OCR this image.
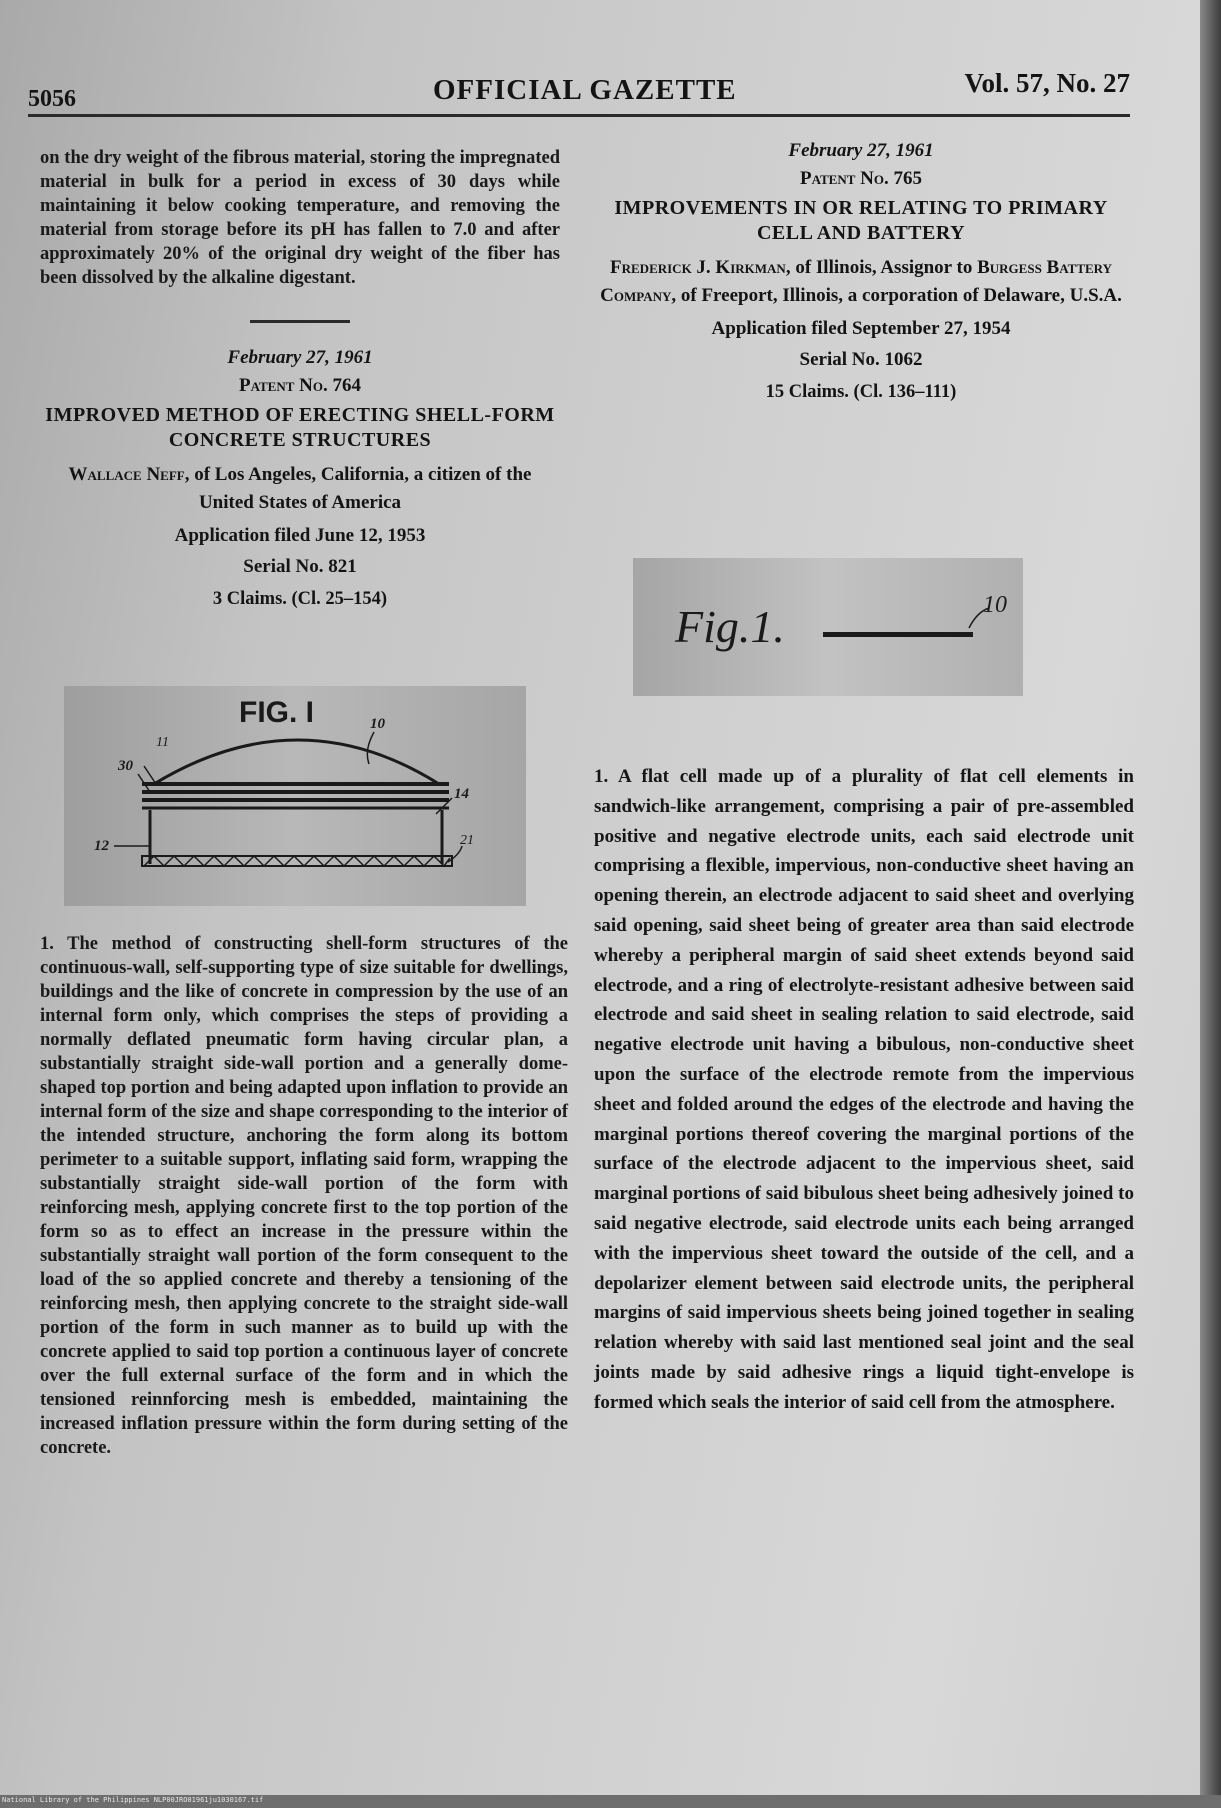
5056	OFFICIAL GAZETTE	Vol. 57, No. 27

on the dry weight of the fibrous material, storing the impregnated material in bulk for a period in excess of 30 days while maintaining it below cooking temperature, and removing the material from storage before its pH has fallen to 7.0 and after approximately 20% of the original dry weight of the fiber has been dissolved by the alkaline digestant.

February 27, 1961

Patent No. 764

IMPROVED METHOD OF ERECTING SHELL-FORM CONCRETE STRUCTURES

Wallace Neff, of Los Angeles, California, a citizen of the United States of America

Application filed June 12, 1953

Serial No. 821

3 Claims. (Cl. 25–154)

FIG. I
11
10
30
14
12	21

1. The method of constructing shell-form structures of the continuous-wall, self-supporting type of size suitable for dwellings, buildings and the like of concrete in compression by the use of an internal form only, which comprises the steps of providing a normally deflated pneumatic form having circular plan, a substantially straight side-wall portion and a generally dome-shaped top portion and being adapted upon inflation to provide an internal form of the size and shape corresponding to the interior of the intended structure, anchoring the form along its bottom perimeter to a suitable support, inflating said form, wrapping the substantially straight side-wall portion of the form with reinforcing mesh, applying concrete first to the top portion of the form so as to effect an increase in the pressure within the substantially straight wall portion of the form consequent to the load of the so applied concrete and thereby a tensioning of the reinforcing mesh, then applying concrete to the straight side-wall portion of the form in such manner as to build up with the concrete applied to said top portion a continuous layer of concrete over the full external surface of the form and in which the tensioned reinnforcing mesh is embedded, maintaining the increased inflation pressure within the form during setting of the concrete.

February 27, 1961

Patent No. 765

IMPROVEMENTS IN OR RELATING TO PRIMARY CELL AND BATTERY

Frederick J. Kirkman, of Illinois, Assignor to Burgess Battery Company, of Freeport, Illinois, a corporation of Delaware, U.S.A.

Application filed September 27, 1954

Serial No. 1062

15 Claims. (Cl. 136–111)

Fig.1.	10

1. A flat cell made up of a plurality of flat cell elements in sandwich-like arrangement, comprising a pair of pre-assembled positive and negative electrode units, each said electrode unit comprising a flexible, impervious, non-conductive sheet having an opening therein, an electrode adjacent to said sheet and overlying said opening, said sheet being of greater area than said electrode whereby a peripheral margin of said sheet extends beyond said electrode, and a ring of electrolyte-resistant adhesive between said electrode and said sheet in sealing relation to said electrode, said negative electrode unit having a bibulous, non-conductive sheet upon the surface of the electrode remote from the impervious sheet and folded around the edges of the electrode and having the marginal portions thereof covering the marginal portions of the surface of the electrode adjacent to the impervious sheet, said marginal portions of said bibulous sheet being adhesively joined to said negative electrode, said electrode units each being arranged with the impervious sheet toward the outside of the cell, and a depolarizer element between said electrode units, the peripheral margins of said impervious sheets being joined together in sealing relation whereby with said last mentioned seal joint and the seal joints made by said adhesive rings a liquid tight-envelope is formed which seals the interior of said cell from the atmosphere.

National Library of the Philippines NLP00JRO01961ju1030167.tif
